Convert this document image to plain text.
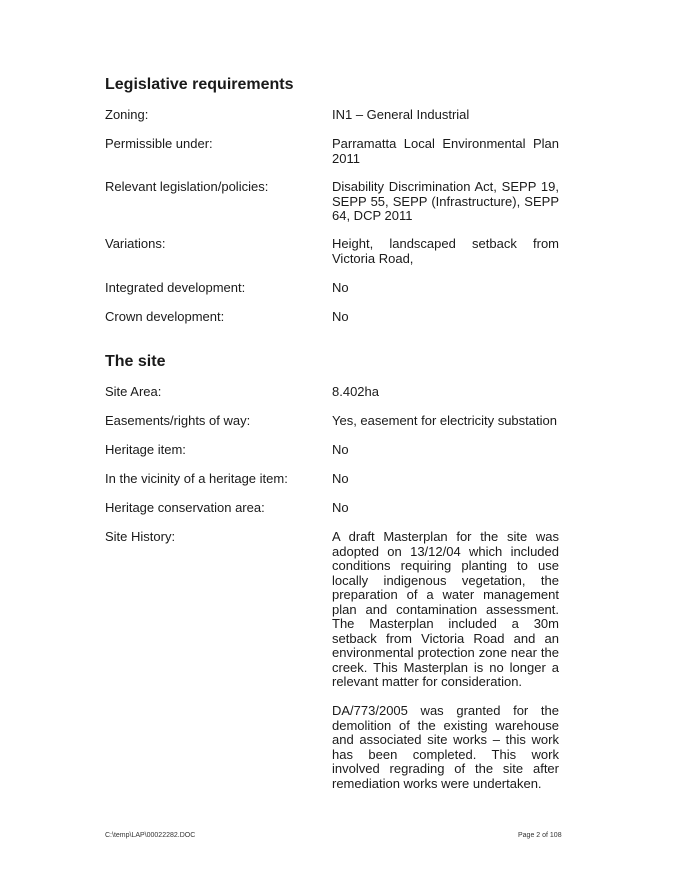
Legislative requirements
Zoning:	IN1 – General Industrial
Permissible under:	Parramatta Local Environmental Plan 2011
Relevant legislation/policies:	Disability Discrimination Act, SEPP 19, SEPP 55, SEPP (Infrastructure), SEPP 64, DCP 2011
Variations:	Height, landscaped setback from Victoria Road,
Integrated development:	No
Crown development:	No
The site
Site Area:	8.402ha
Easements/rights of way:	Yes, easement for electricity substation
Heritage item:	No
In the vicinity of a heritage item:	No
Heritage conservation area:	No
Site History:	A draft Masterplan for the site was adopted on 13/12/04 which included conditions requiring planting to use locally indigenous vegetation, the preparation of a water management plan and contamination assessment. The Masterplan included a 30m setback from Victoria Road and an environmental protection zone near the creek. This Masterplan is no longer a relevant matter for consideration.
DA/773/2005 was granted for the demolition of the existing warehouse and associated site works – this work has been completed. This work involved regrading of the site after remediation works were undertaken.
C:\temp\LAP\00022282.DOC	Page 2 of 108
